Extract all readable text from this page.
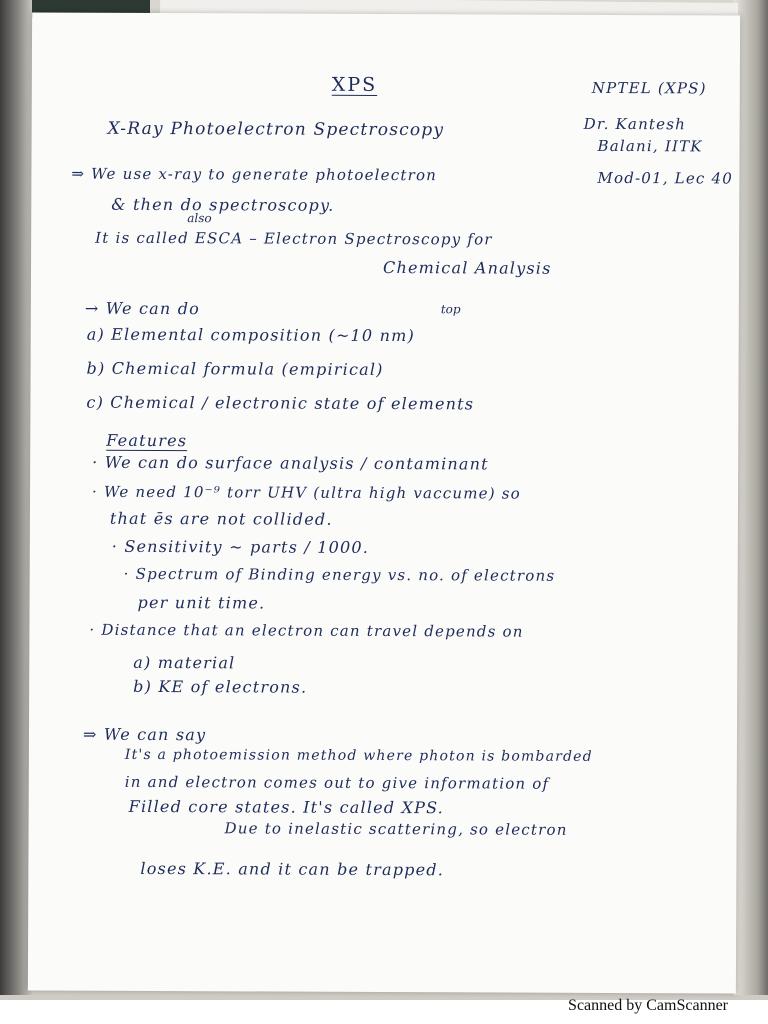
XPS	NPTEL (XPS)
Dr. Kantesh
Balani, IITK
Mod-01, Lec 40
X-Ray Photoelectron Spectroscopy
⇒ We use x-ray to generate photoelectron
& then do spectroscopy.
also
It is called ESCA – Electron Spectroscopy for
Chemical Analysis
→ We can do	top
a) Elemental composition (~10 nm)
b) Chemical formula (empirical)
c) Chemical / electronic state of elements
Features
· We can do surface analysis / contaminant
· We need 10⁻⁹ torr UHV (ultra high vaccume) so
that ēs are not collided.
· Sensitivity ~ parts / 1000.
· Spectrum of Binding energy vs. no. of electrons
per unit time.
· Distance that an electron can travel depends on
a) material
b) KE of electrons.
⇒ We can say
It's a photoemission method where photon is bombarded
in and electron comes out to give information of
Filled core states. It's called XPS.
Due to inelastic scattering, so electron
loses K.E. and it can be trapped.
Scanned by CamScanner
